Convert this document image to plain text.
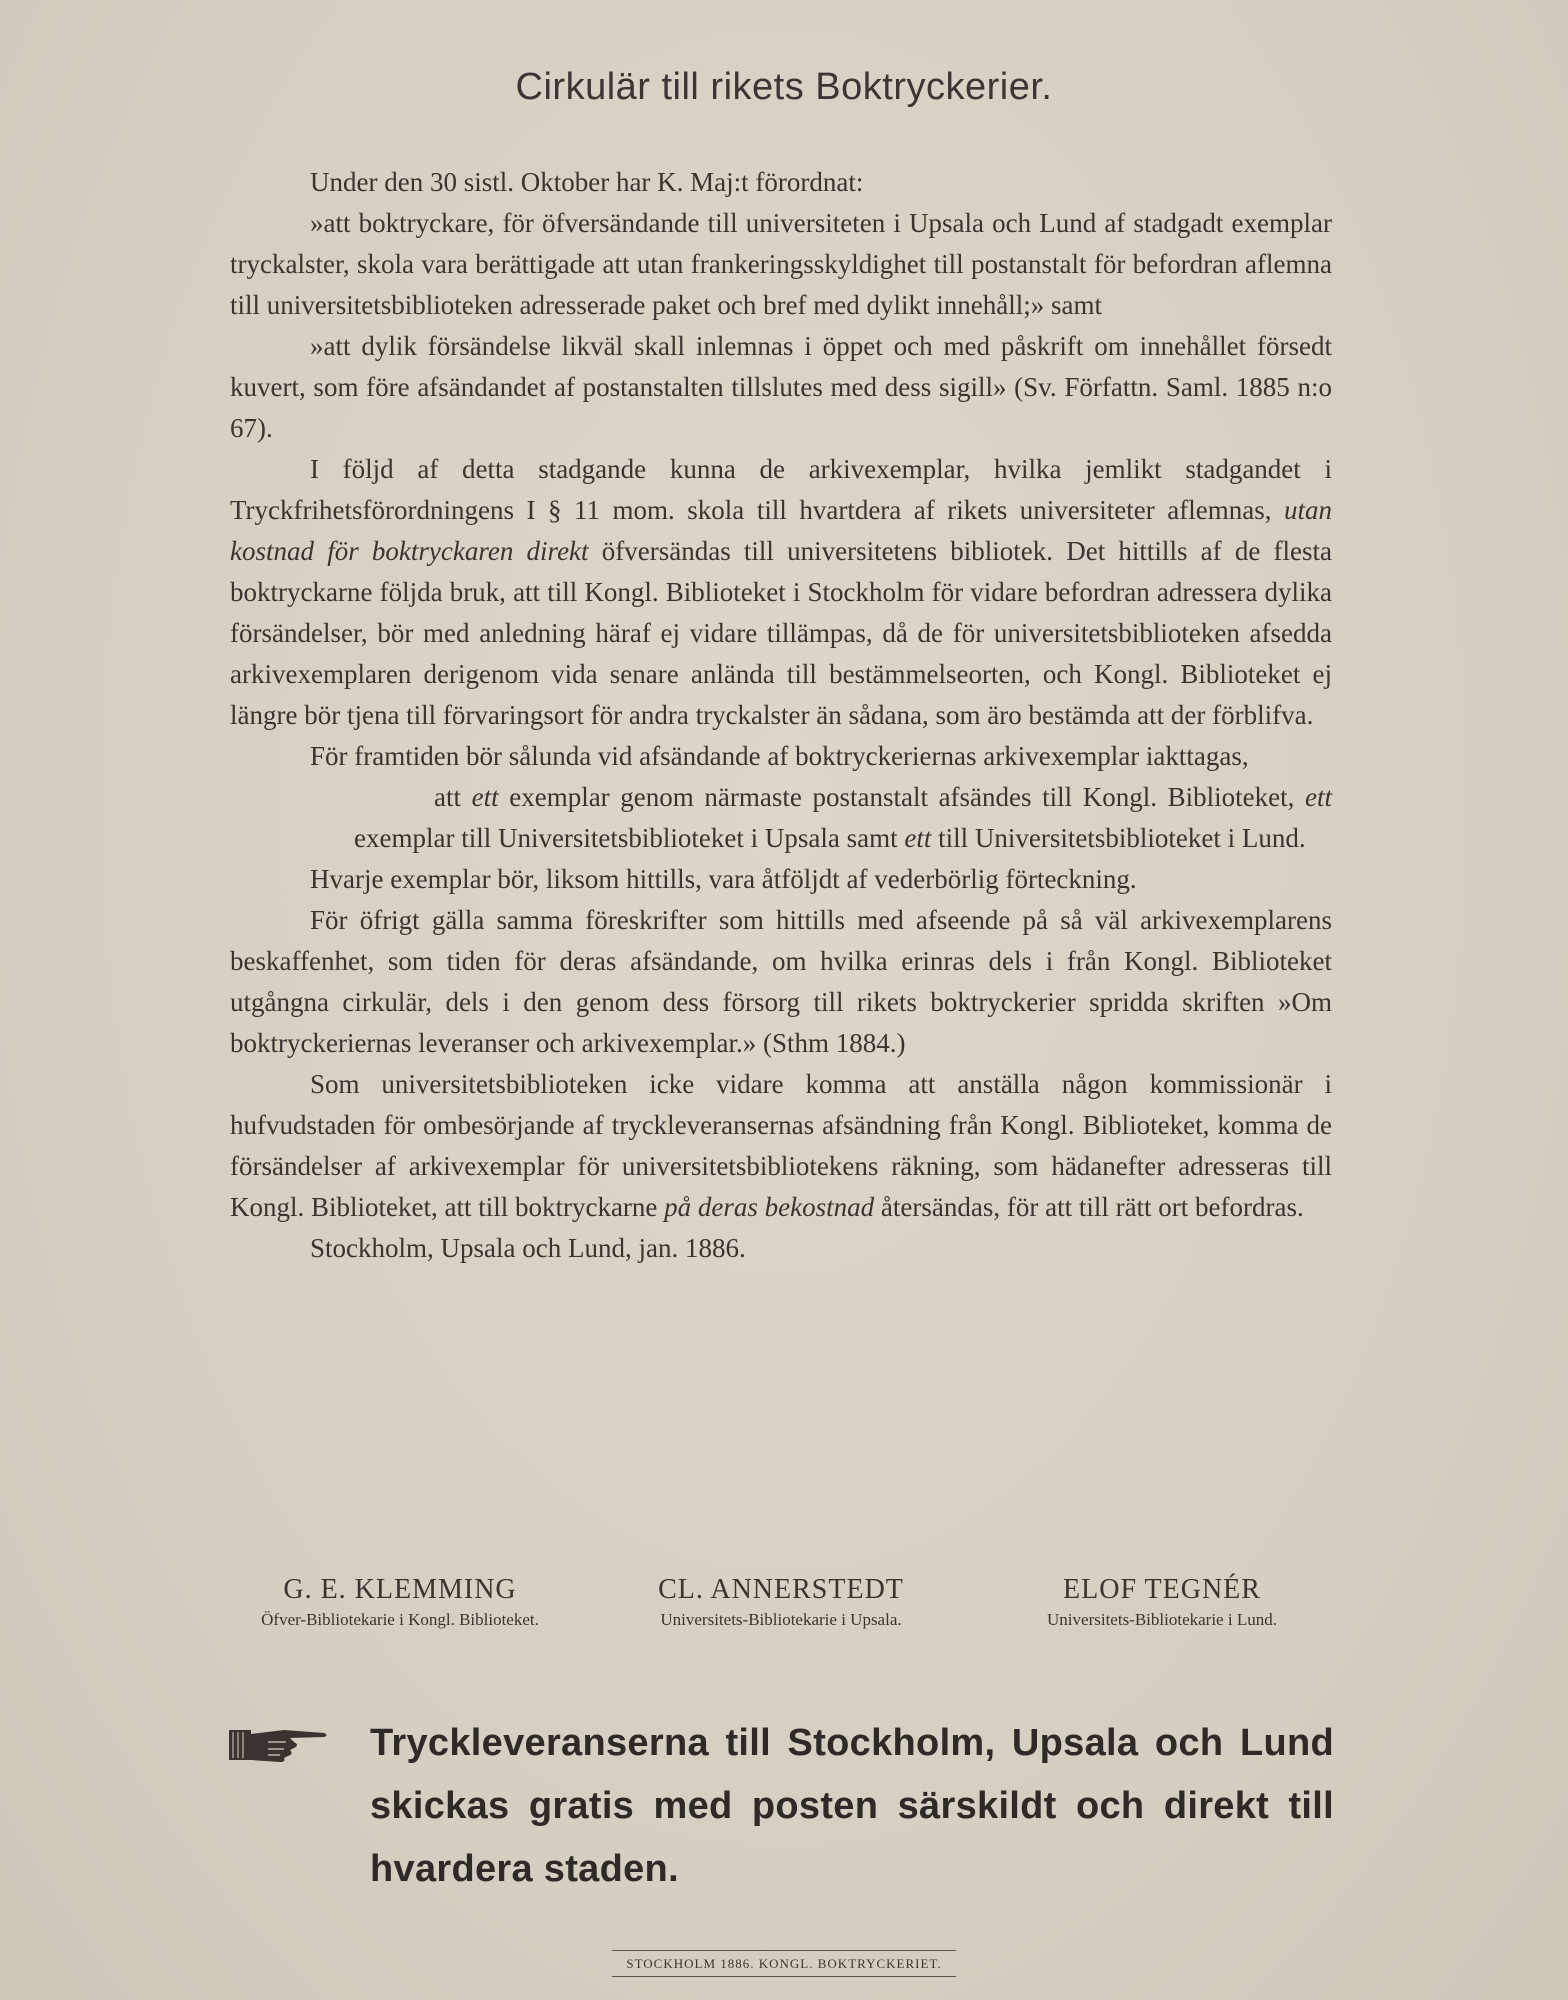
Cirkulär till rikets Boktryckerier.

Under den 30 sistl. Oktober har K. Maj:t förordnat:

»att boktryckare, för öfversändande till universiteten i Upsala och Lund af stadgadt exemplar tryckalster, skola vara berättigade att utan frankeringsskyldighet till postanstalt för befordran aflemna till universitetsbiblioteken adresserade paket och bref med dylikt innehåll;» samt

»att dylik försändelse likväl skall inlemnas i öppet och med påskrift om innehållet försedt kuvert, som före afsändandet af postanstalten tillslutes med dess sigill» (Sv. Författn. Saml. 1885 n:o 67).

I följd af detta stadgande kunna de arkivexemplar, hvilka jemlikt stadgandet i Tryckfrihetsförordningens I § 11 mom. skola till hvartdera af rikets universiteter aflemnas, utan kostnad för boktryckaren direkt öfversändas till universitetens bibliotek. Det hittills af de flesta boktryckarne följda bruk, att till Kongl. Biblioteket i Stockholm för vidare befordran adressera dylika försändelser, bör med anledning häraf ej vidare tillämpas, då de för universitetsbiblioteken afsedda arkivexemplaren derigenom vida senare anlända till bestämmelseorten, och Kongl. Biblioteket ej längre bör tjena till förvaringsort för andra tryckalster än sådana, som äro bestämda att der förblifva.

För framtiden bör sålunda vid afsändande af boktryckeriernas arkivexemplar iakttagas,

att ett exemplar genom närmaste postanstalt afsändes till Kongl. Biblioteket, ett exemplar till Universitetsbiblioteket i Upsala samt ett till Universitetsbiblioteket i Lund.

Hvarje exemplar bör, liksom hittills, vara åtföljdt af vederbörlig förteckning.

För öfrigt gälla samma föreskrifter som hittills med afseende på så väl arkivexemplarens beskaffenhet, som tiden för deras afsändande, om hvilka erinras dels i från Kongl. Biblioteket utgångna cirkulär, dels i den genom dess försorg till rikets boktryckerier spridda skriften »Om boktryckeriernas leveranser och arkivexemplar.» (Sthm 1884.)

Som universitetsbiblioteken icke vidare komma att anställa någon kommissionär i hufvudstaden för ombesörjande af tryckleveransernas afsändning från Kongl. Biblioteket, komma de försändelser af arkivexemplar för universitetsbibliotekens räkning, som hädanefter adresseras till Kongl. Biblioteket, att till boktryckarne på deras bekostnad återsändas, för att till rätt ort befordras.

Stockholm, Upsala och Lund, jan. 1886.

G. E. KLEMMING
Öfver-Bibliotekarie i Kongl. Biblioteket.
CL. ANNERSTEDT
Universitets-Bibliotekarie i Upsala.
ELOF TEGNÉR
Universitets-Bibliotekarie i Lund.
Tryckleveranserna till Stockholm, Upsala och Lund skickas gratis med posten särskildt och direkt till hvardera staden.
STOCKHOLM 1886. KONGL. BOKTRYCKERIET.
